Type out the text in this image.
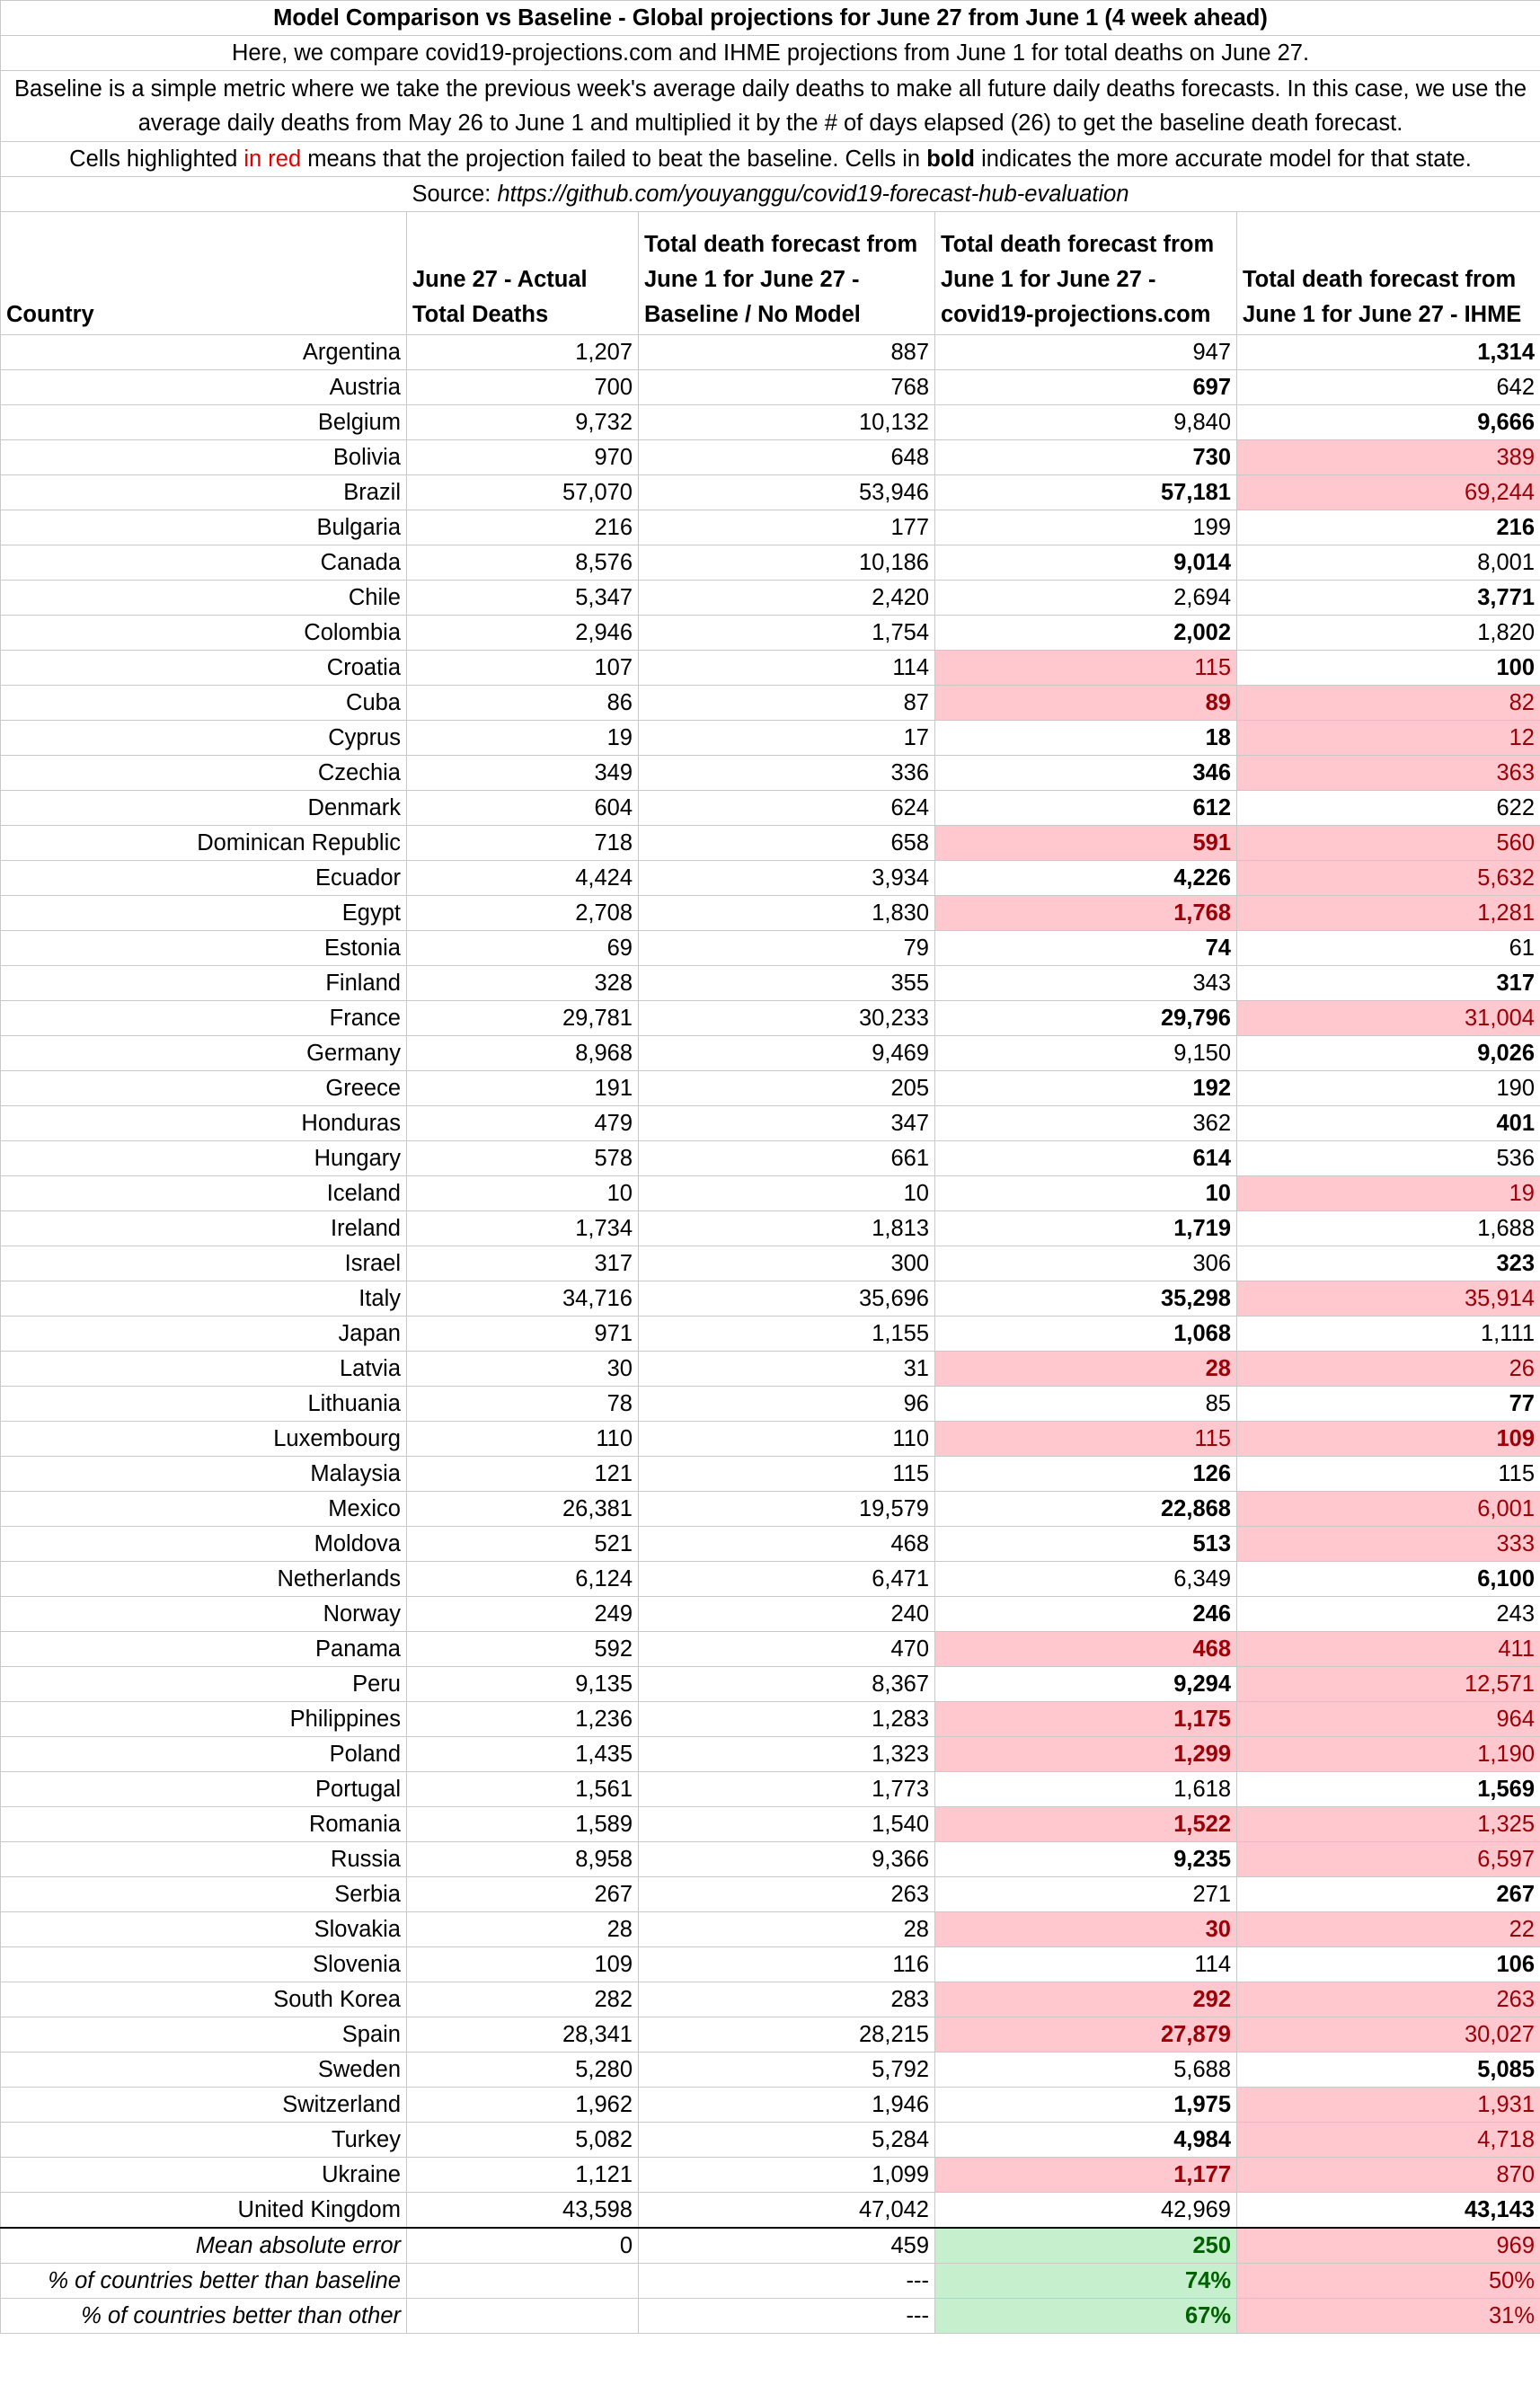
Model Comparison vs Baseline - Global projections for June 27 from June 1 (4 week ahead)				
Here, we compare covid19-projections.com and IHME projections from June 1 for total deaths on June 27.				
Baseline is a simple metric where we take the previous week's average daily deaths to make all future daily deaths forecasts. In this case, we use the average daily deaths from May 26 to June 1 and multiplied it by the # of days elapsed (26) to get the baseline death forecast.				
Cells highlighted in red means that the projection failed to beat the baseline. Cells in bold indicates the more accurate model for that state.				
Source: https://github.com/youyanggu/covid19-forecast-hub-evaluation				
Country	June 27 - Actual Total Deaths	Total death forecast from June 1 for June 27 - Baseline / No Model	Total death forecast from June 1 for June 27 - covid19-projections.com	Total death forecast from June 1 for June 27 - IHME
Argentina	1,207	887	947	1,314
Austria	700	768	697	642
Belgium	9,732	10,132	9,840	9,666
Bolivia	970	648	730	389
Brazil	57,070	53,946	57,181	69,244
Bulgaria	216	177	199	216
Canada	8,576	10,186	9,014	8,001
Chile	5,347	2,420	2,694	3,771
Colombia	2,946	1,754	2,002	1,820
Croatia	107	114	115	100
Cuba	86	87	89	82
Cyprus	19	17	18	12
Czechia	349	336	346	363
Denmark	604	624	612	622
Dominican Republic	718	658	591	560
Ecuador	4,424	3,934	4,226	5,632
Egypt	2,708	1,830	1,768	1,281
Estonia	69	79	74	61
Finland	328	355	343	317
France	29,781	30,233	29,796	31,004
Germany	8,968	9,469	9,150	9,026
Greece	191	205	192	190
Honduras	479	347	362	401
Hungary	578	661	614	536
Iceland	10	10	10	19
Ireland	1,734	1,813	1,719	1,688
Israel	317	300	306	323
Italy	34,716	35,696	35,298	35,914
Japan	971	1,155	1,068	1,111
Latvia	30	31	28	26
Lithuania	78	96	85	77
Luxembourg	110	110	115	109
Malaysia	121	115	126	115
Mexico	26,381	19,579	22,868	6,001
Moldova	521	468	513	333
Netherlands	6,124	6,471	6,349	6,100
Norway	249	240	246	243
Panama	592	470	468	411
Peru	9,135	8,367	9,294	12,571
Philippines	1,236	1,283	1,175	964
Poland	1,435	1,323	1,299	1,190
Portugal	1,561	1,773	1,618	1,569
Romania	1,589	1,540	1,522	1,325
Russia	8,958	9,366	9,235	6,597
Serbia	267	263	271	267
Slovakia	28	28	30	22
Slovenia	109	116	114	106
South Korea	282	283	292	263
Spain	28,341	28,215	27,879	30,027
Sweden	5,280	5,792	5,688	5,085
Switzerland	1,962	1,946	1,975	1,931
Turkey	5,082	5,284	4,984	4,718
Ukraine	1,121	1,099	1,177	870
United Kingdom	43,598	47,042	42,969	43,143
Mean absolute error	0	459	250	969
% of countries better than baseline		---	74%	50%
% of countries better than other		---	67%	31%
